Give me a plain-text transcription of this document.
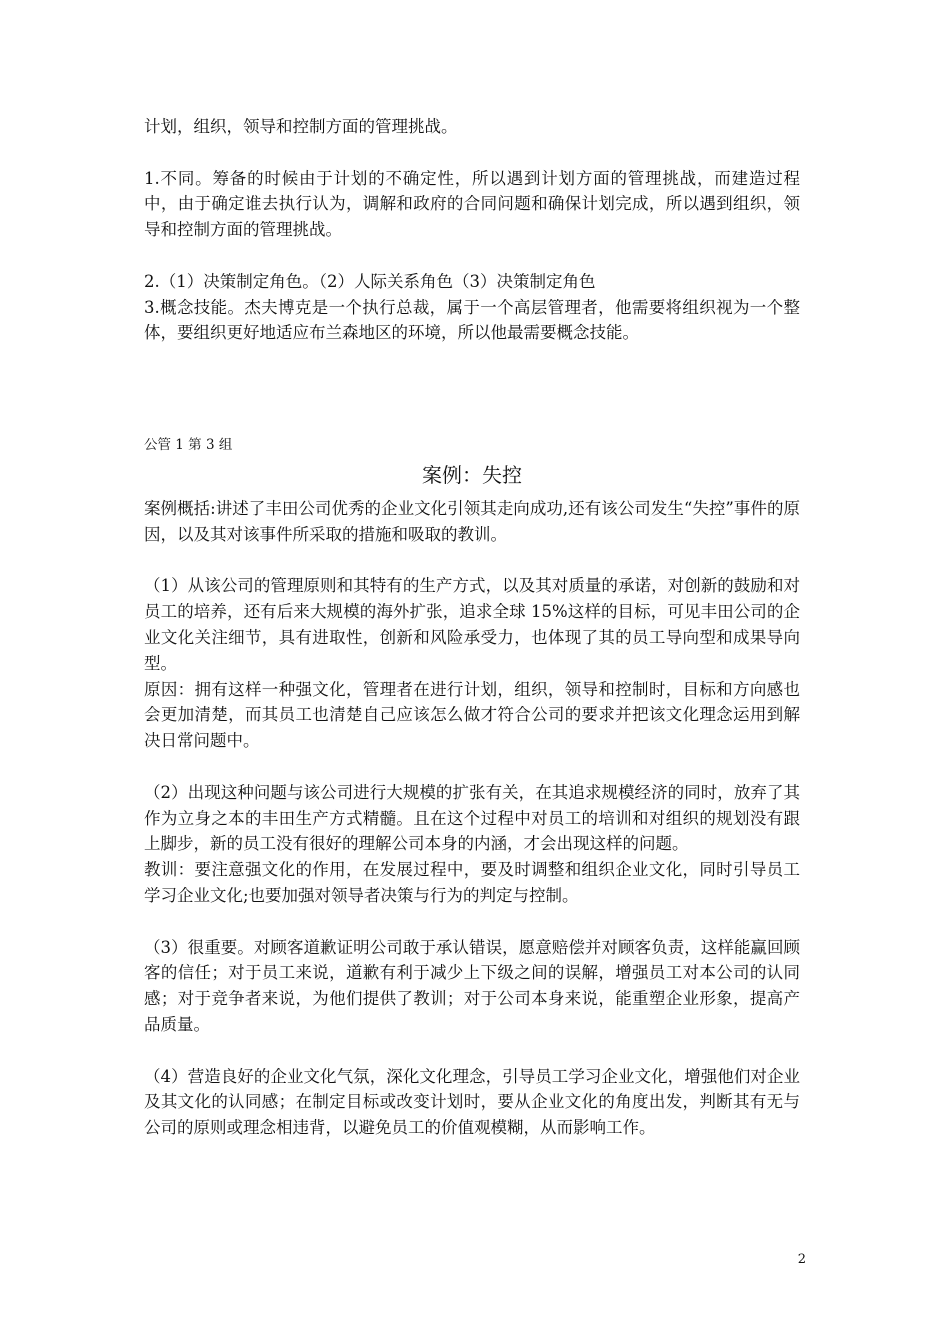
计划，组织，领导和控制方面的管理挑战。

1.不同。筹备的时候由于计划的不确定性，所以遇到计划方面的管理挑战，而建造过程中，由于确定谁去执行认为，调解和政府的合同问题和确保计划完成，所以遇到组织，领导和控制方面的管理挑战。

2.（1）决策制定角色。（2）人际关系角色（3）决策制定角色

3.概念技能。杰夫博克是一个执行总裁，属于一个高层管理者，他需要将组织视为一个整体，要组织更好地适应布兰森地区的环境，所以他最需要概念技能。

公管 1 第 3 组

案例：失控

案例概括:讲述了丰田公司优秀的企业文化引领其走向成功,还有该公司发生“失控”事件的原因，以及其对该事件所采取的措施和吸取的教训。

（1）从该公司的管理原则和其特有的生产方式，以及其对质量的承诺，对创新的鼓励和对员工的培养，还有后来大规模的海外扩张，追求全球 15%这样的目标，可见丰田公司的企业文化关注细节，具有进取性，创新和风险承受力，也体现了其的员工导向型和成果导向型。

原因：拥有这样一种强文化，管理者在进行计划，组织，领导和控制时，目标和方向感也会更加清楚，而其员工也清楚自己应该怎么做才符合公司的要求并把该文化理念运用到解决日常问题中。

（2）出现这种问题与该公司进行大规模的扩张有关，在其追求规模经济的同时，放弃了其作为立身之本的丰田生产方式精髓。且在这个过程中对员工的培训和对组织的规划没有跟上脚步，新的员工没有很好的理解公司本身的内涵，才会出现这样的问题。

教训：要注意强文化的作用，在发展过程中，要及时调整和组织企业文化，同时引导员工学习企业文化;也要加强对领导者决策与行为的判定与控制。

（3）很重要。对顾客道歉证明公司敢于承认错误，愿意赔偿并对顾客负责，这样能赢回顾客的信任；对于员工来说，道歉有利于减少上下级之间的误解，增强员工对本公司的认同感；对于竞争者来说，为他们提供了教训；对于公司本身来说，能重塑企业形象，提高产品质量。

（4）营造良好的企业文化气氛，深化文化理念，引导员工学习企业文化，增强他们对企业及其文化的认同感；在制定目标或改变计划时，要从企业文化的角度出发，判断其有无与公司的原则或理念相违背，以避免员工的价值观模糊，从而影响工作。

2
